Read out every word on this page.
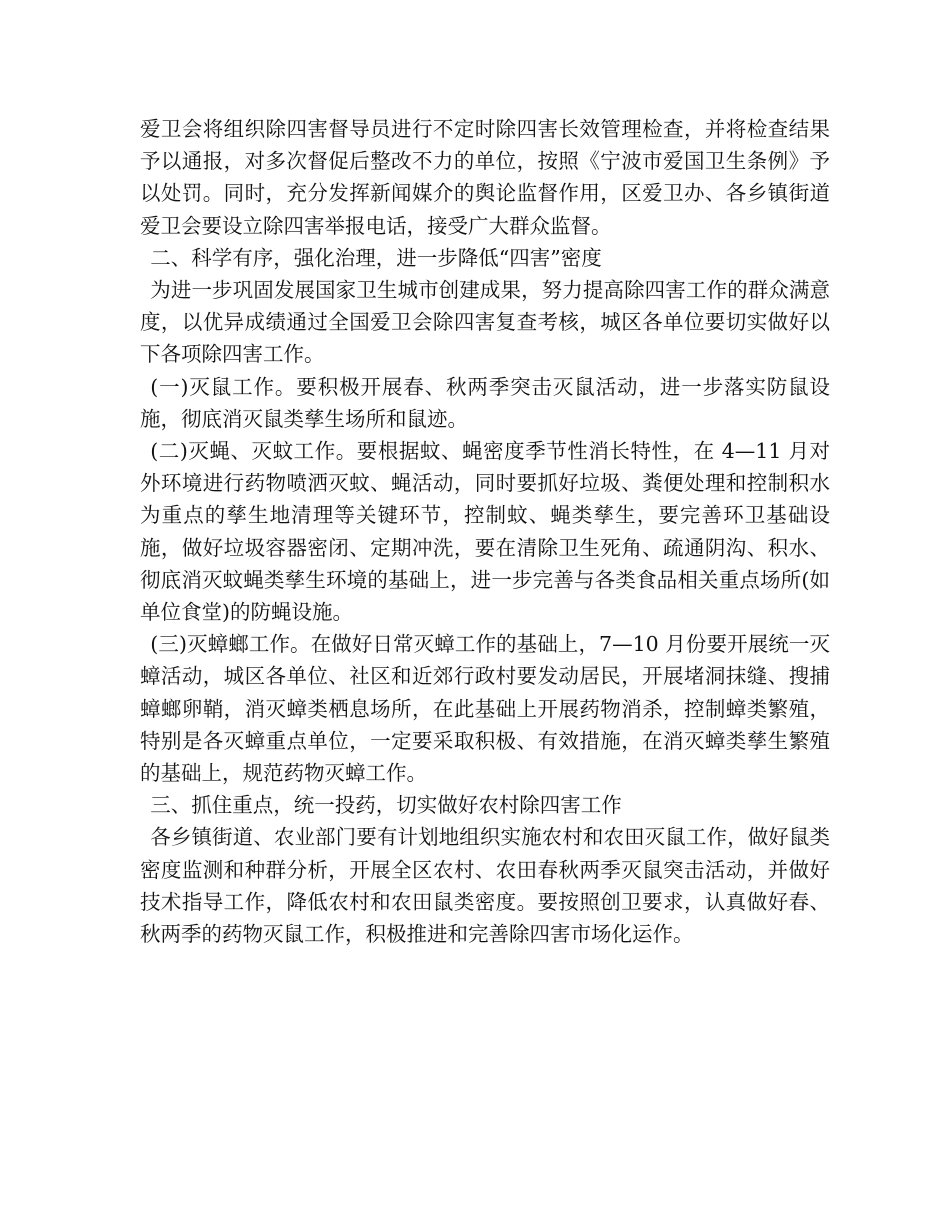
爱卫会将组织除四害督导员进行不定时除四害长效管理检查，并将检查结果予以通报，对多次督促后整改不力的单位，按照《宁波市爱国卫生条例》予以处罚。同时，充分发挥新闻媒介的舆论监督作用，区爱卫办、各乡镇街道爱卫会要设立除四害举报电话，接受广大群众监督。

二、科学有序，强化治理，进一步降低“四害”密度

为进一步巩固发展国家卫生城市创建成果，努力提高除四害工作的群众满意度，以优异成绩通过全国爱卫会除四害复查考核，城区各单位要切实做好以下各项除四害工作。

(一)灭鼠工作。要积极开展春、秋两季突击灭鼠活动，进一步落实防鼠设施，彻底消灭鼠类孳生场所和鼠迹。

(二)灭蝇、灭蚊工作。要根据蚊、蝇密度季节性消长特性，在 4—11 月对外环境进行药物喷洒灭蚊、蝇活动，同时要抓好垃圾、粪便处理和控制积水为重点的孳生地清理等关键环节，控制蚊、蝇类孳生，要完善环卫基础设施，做好垃圾容器密闭、定期冲洗，要在清除卫生死角、疏通阴沟、积水、彻底消灭蚊蝇类孳生环境的基础上，进一步完善与各类食品相关重点场所(如单位食堂)的防蝇设施。

(三)灭蟑螂工作。在做好日常灭蟑工作的基础上，7—10 月份要开展统一灭蟑活动，城区各单位、社区和近郊行政村要发动居民，开展堵洞抹缝、搜捕蟑螂卵鞘，消灭蟑类栖息场所，在此基础上开展药物消杀，控制蟑类繁殖，特别是各灭蟑重点单位，一定要采取积极、有效措施，在消灭蟑类孳生繁殖的基础上，规范药物灭蟑工作。

三、抓住重点，统一投药，切实做好农村除四害工作

各乡镇街道、农业部门要有计划地组织实施农村和农田灭鼠工作，做好鼠类密度监测和种群分析，开展全区农村、农田春秋两季灭鼠突击活动，并做好技术指导工作，降低农村和农田鼠类密度。要按照创卫要求，认真做好春、秋两季的药物灭鼠工作，积极推进和完善除四害市场化运作。
